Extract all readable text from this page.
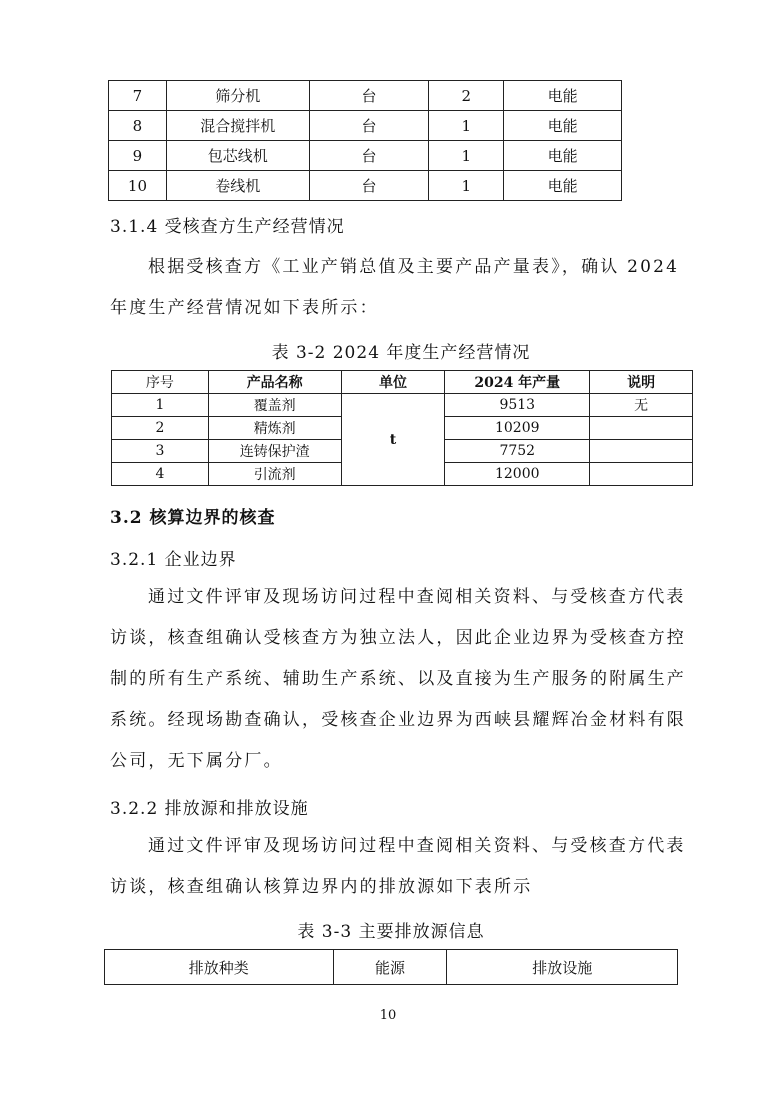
7	筛分机	台	2	电能
8	混合搅拌机	台	1	电能
9	包芯线机	台	1	电能
10	卷线机	台	1	电能
3.1.4 受核查方生产经营情况
根据受核查方《工业产销总值及主要产品产量表》，确认 2024
年度生产经营情况如下表所示：
表 3-2 2024 年度生产经营情况
序号	产品名称	单位	2024 年产量	说明
1	覆盖剂	t	9513	无
2	精炼剂		10209	
3	连铸保护渣		7752	
4	引流剂		12000	
3.2 核算边界的核查
3.2.1 企业边界
通过文件评审及现场访问过程中查阅相关资料、与受核查方代表
访谈，核查组确认受核查方为独立法人，因此企业边界为受核查方控
制的所有生产系统、辅助生产系统、以及直接为生产服务的附属生产
系统。经现场勘查确认，受核查企业边界为西峡县耀辉冶金材料有限
公司，无下属分厂。
3.2.2 排放源和排放设施
通过文件评审及现场访问过程中查阅相关资料、与受核查方代表
访谈，核查组确认核算边界内的排放源如下表所示
表 3-3 主要排放源信息
排放种类	能源	排放设施
10
